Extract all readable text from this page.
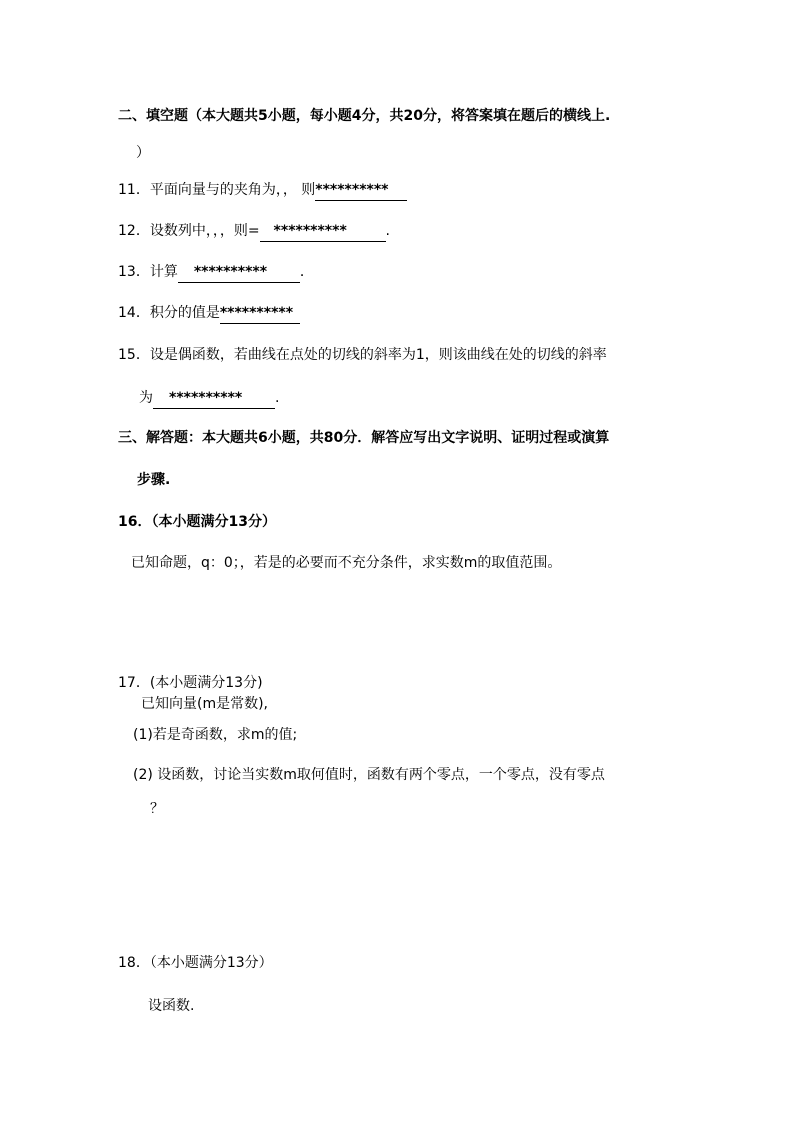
二、填空题（本大题共5小题，每小题4分，共20分，将答案填在题后的横线上.
）
11．平面向量与的夹角为，， 则**********
12．设数列中，，，则= **********	.
13．计算 ********** ．
14．积分的值是**********
15．设是偶函数，若曲线在点处的切线的斜率为1，则该曲线在处的切线的斜率
为 ********** .
三、解答题：本大题共6小题，共80分．解答应写出文字说明、证明过程或演算
步骤.
16．（本小题满分13分）
已知命题，q：0；，若是的必要而不充分条件，求实数m的取值范围。
17．(本小题满分13分)
已知向量(m是常数),
(1)若是奇函数，求m的值;
(2) 设函数，讨论当实数m取何值时，函数有两个零点，一个零点，没有零点
？
18．（本小题满分13分）
设函数.
